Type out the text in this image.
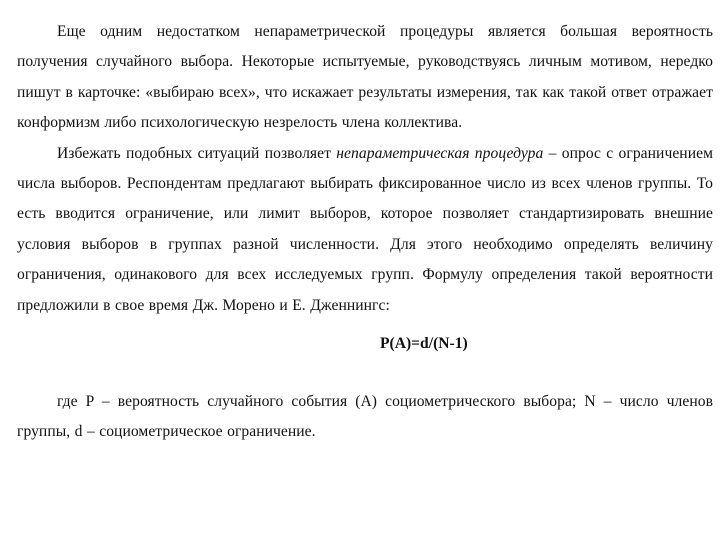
Еще одним недостатком непараметрической процедуры является большая вероятность получения случайного выбора. Некоторые испытуемые, руководствуясь личным мотивом, нередко пишут в карточке: «выбираю всех», что искажает результаты измерения, так как такой ответ отражает конформизм либо психологическую незрелость члена коллектива.

Избежать подобных ситуаций позволяет непараметрическая процедура – опрос с ограничением числа выборов. Респондентам предлагают выбирать фиксированное число из всех членов группы. То есть вводится ограничение, или лимит выборов, которое позволяет стандартизировать внешние условия выборов в группах разной численности. Для этого необходимо определять величину ограничения, одинакового для всех исследуемых групп. Формулу определения такой вероятности предложили в свое время Дж. Морено и Е. Дженнингс:

P(A)=d/(N-1)

где P – вероятность случайного события (А) социометрического выбора; N – число членов группы, d – социометрическое ограничение.
